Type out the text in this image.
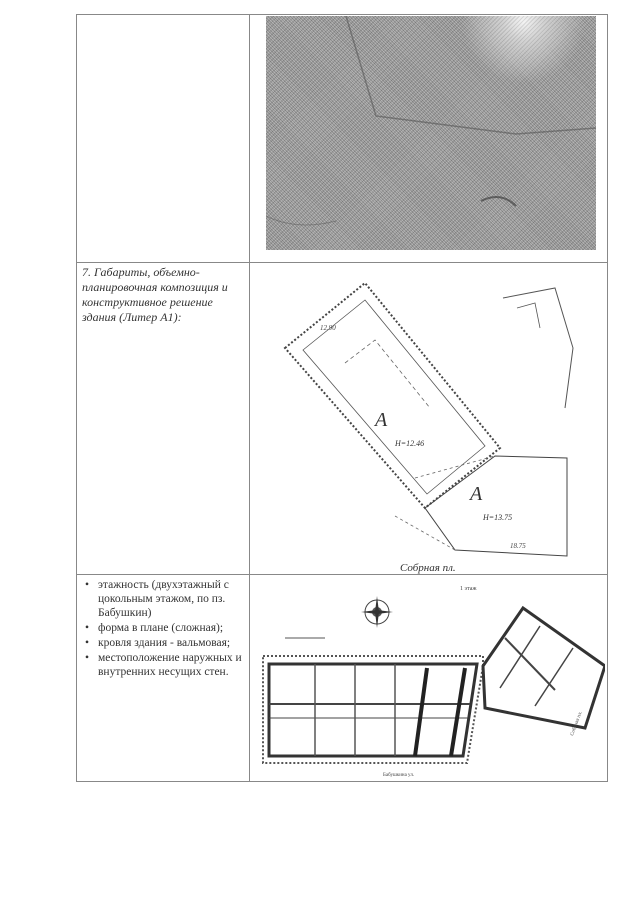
7. Габариты, объемно-планировочная композиция и конструктивное решение здания (Литер А1):
А
Н=12.46
А
Н=13.75
12.90
18.75
Собрная пл.
• этажность (двухэтажный с цокольным этажом, по пз. Бабушкин)
• форма в плане (сложная);
• кровля здания - вальмовая;
• местоположение наружных и внутренних несущих стен.
1 этаж
Бабушкина ул.
Собрная пл.
